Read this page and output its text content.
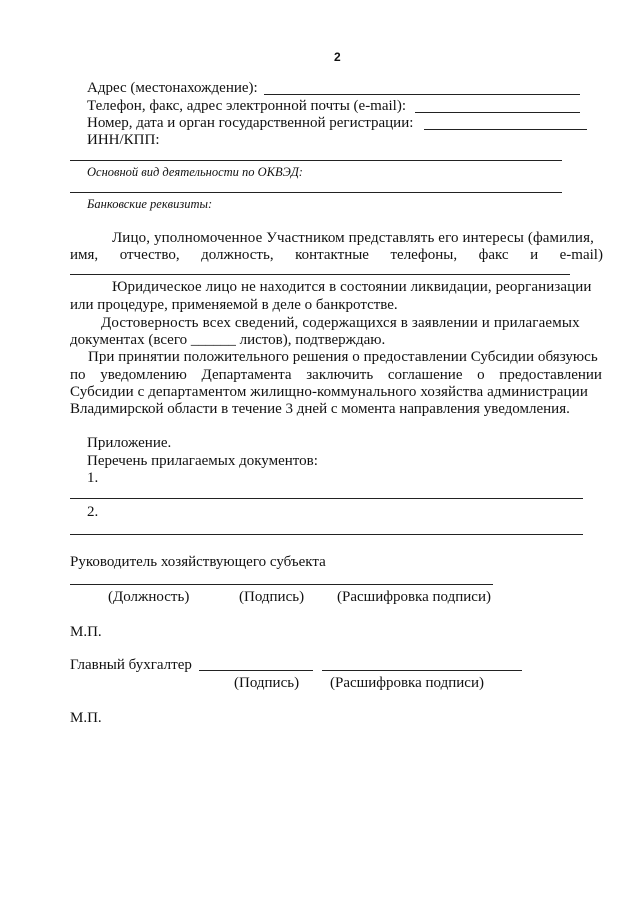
2
Адрес (местонахождение):
Телефон, факс, адрес электронной почты (e-mail):
Номер, дата и орган государственной регистрации:
ИНН/КПП:
Основной вид деятельности по ОКВЭД:
Банковские реквизиты:
Лицо, уполномоченное Участником представлять его интересы (фамилия,
имя, отчество, должность, контактные телефоны, факс и e-mail)
Юридическое лицо не находится в состоянии ликвидации, реорганизации
или процедуре, применяемой в деле о банкротстве.
Достоверность всех сведений, содержащихся в заявлении и прилагаемых
документах (всего ______ листов), подтверждаю.
При принятии положительного решения о предоставлении Субсидии обязуюсь
по уведомлению Департамента заключить соглашение о предоставлении
Субсидии с департаментом жилищно-коммунального хозяйства администрации
Владимирской области в течение 3 дней с момента направления уведомления.
Приложение.
Перечень прилагаемых документов:
1.
2.
Руководитель хозяйствующего субъекта
(Должность)	(Подпись) (Расшифровка подписи)
М.П.
Главный бухгалтер
(Подпись) (Расшифровка подписи)
М.П.
